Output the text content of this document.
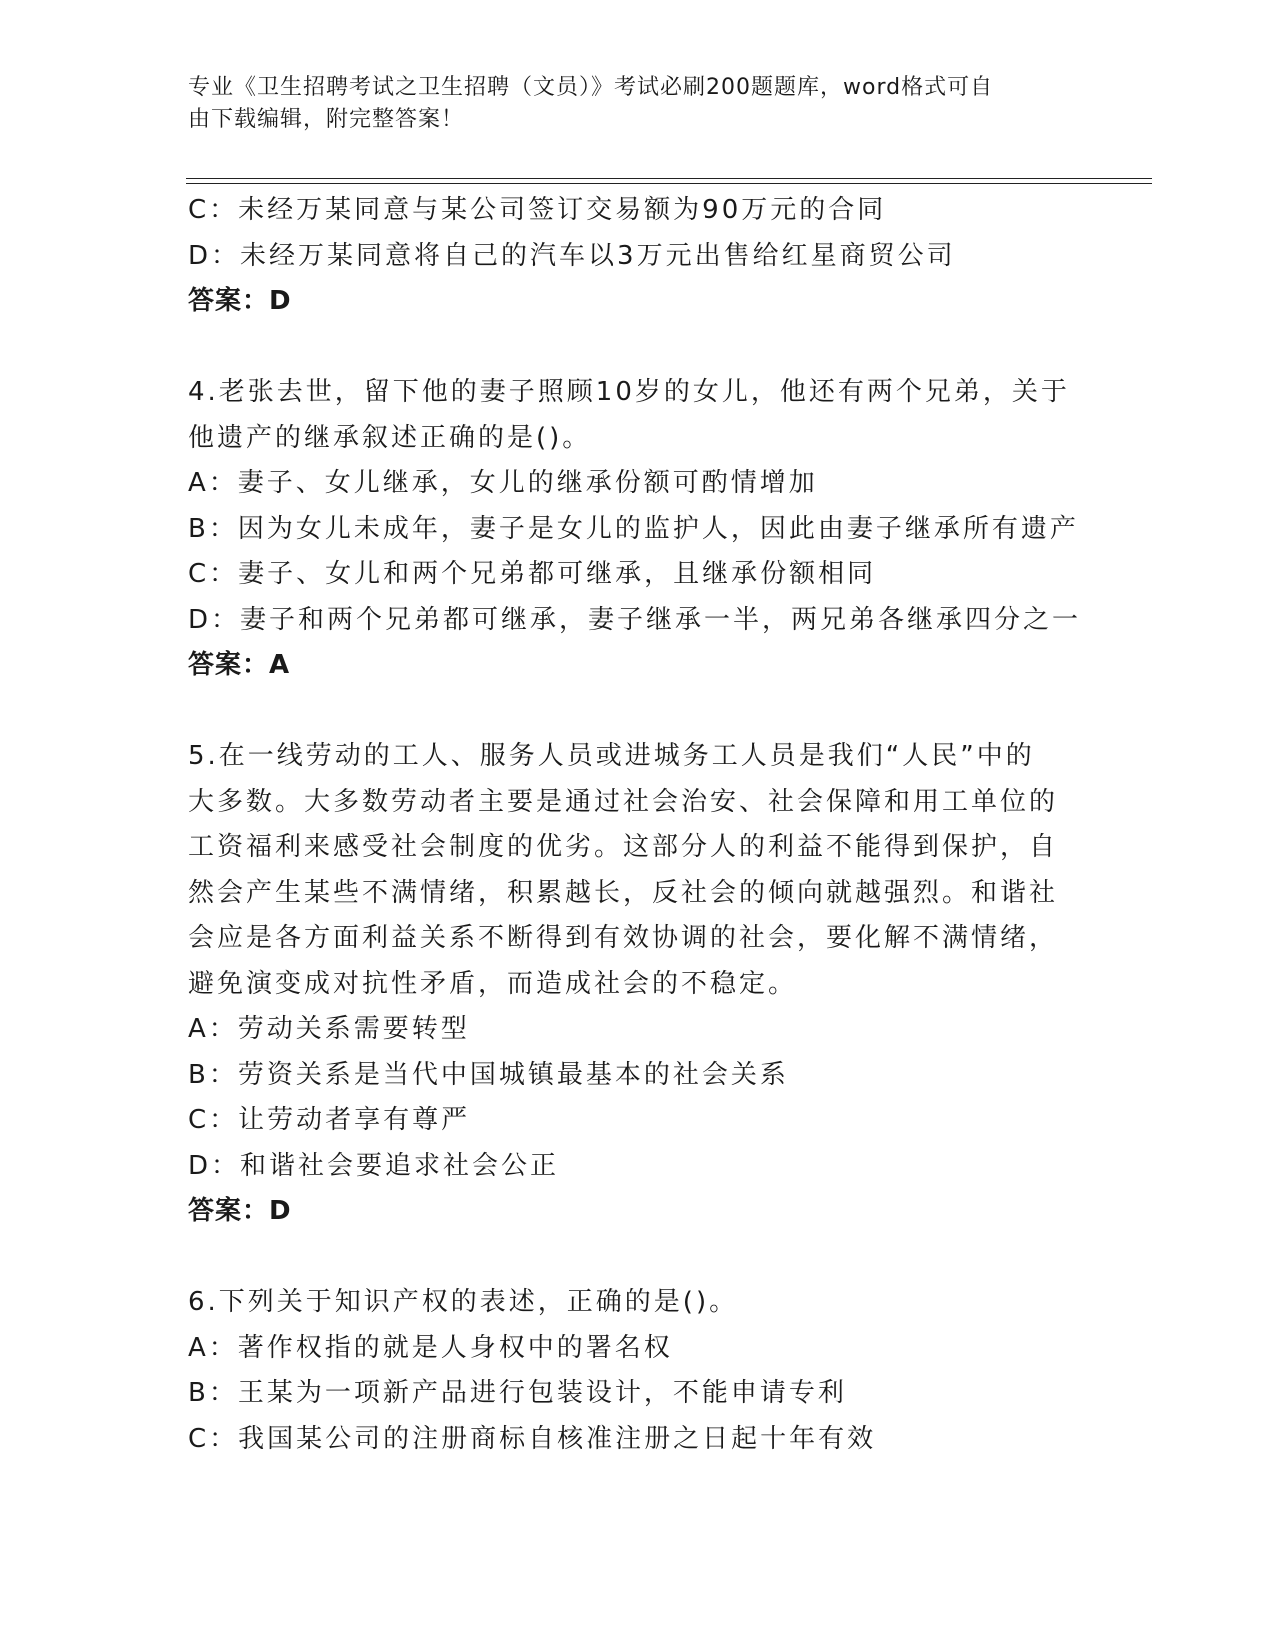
专业《卫生招聘考试之卫生招聘（文员）》考试必刷200题题库，word格式可自
由下载编辑，附完整答案！
C：未经万某同意与某公司签订交易额为90万元的合同
D：未经万某同意将自己的汽车以3万元出售给红星商贸公司
答案：D
4.老张去世，留下他的妻子照顾10岁的女儿，他还有两个兄弟，关于
他遗产的继承叙述正确的是()。
A：妻子、女儿继承，女儿的继承份额可酌情增加
B：因为女儿未成年，妻子是女儿的监护人，因此由妻子继承所有遗产
C：妻子、女儿和两个兄弟都可继承，且继承份额相同
D：妻子和两个兄弟都可继承，妻子继承一半，两兄弟各继承四分之一
答案：A
5.在一线劳动的工人、服务人员或进城务工人员是我们“人民”中的
大多数。大多数劳动者主要是通过社会治安、社会保障和用工单位的
工资福利来感受社会制度的优劣。这部分人的利益不能得到保护，自
然会产生某些不满情绪，积累越长，反社会的倾向就越强烈。和谐社
会应是各方面利益关系不断得到有效协调的社会，要化解不满情绪，
避免演变成对抗性矛盾，而造成社会的不稳定。
A：劳动关系需要转型
B：劳资关系是当代中国城镇最基本的社会关系
C：让劳动者享有尊严
D：和谐社会要追求社会公正
答案：D
6.下列关于知识产权的表述，正确的是()。
A：著作权指的就是人身权中的署名权
B：王某为一项新产品进行包装设计，不能申请专利
C：我国某公司的注册商标自核准注册之日起十年有效
